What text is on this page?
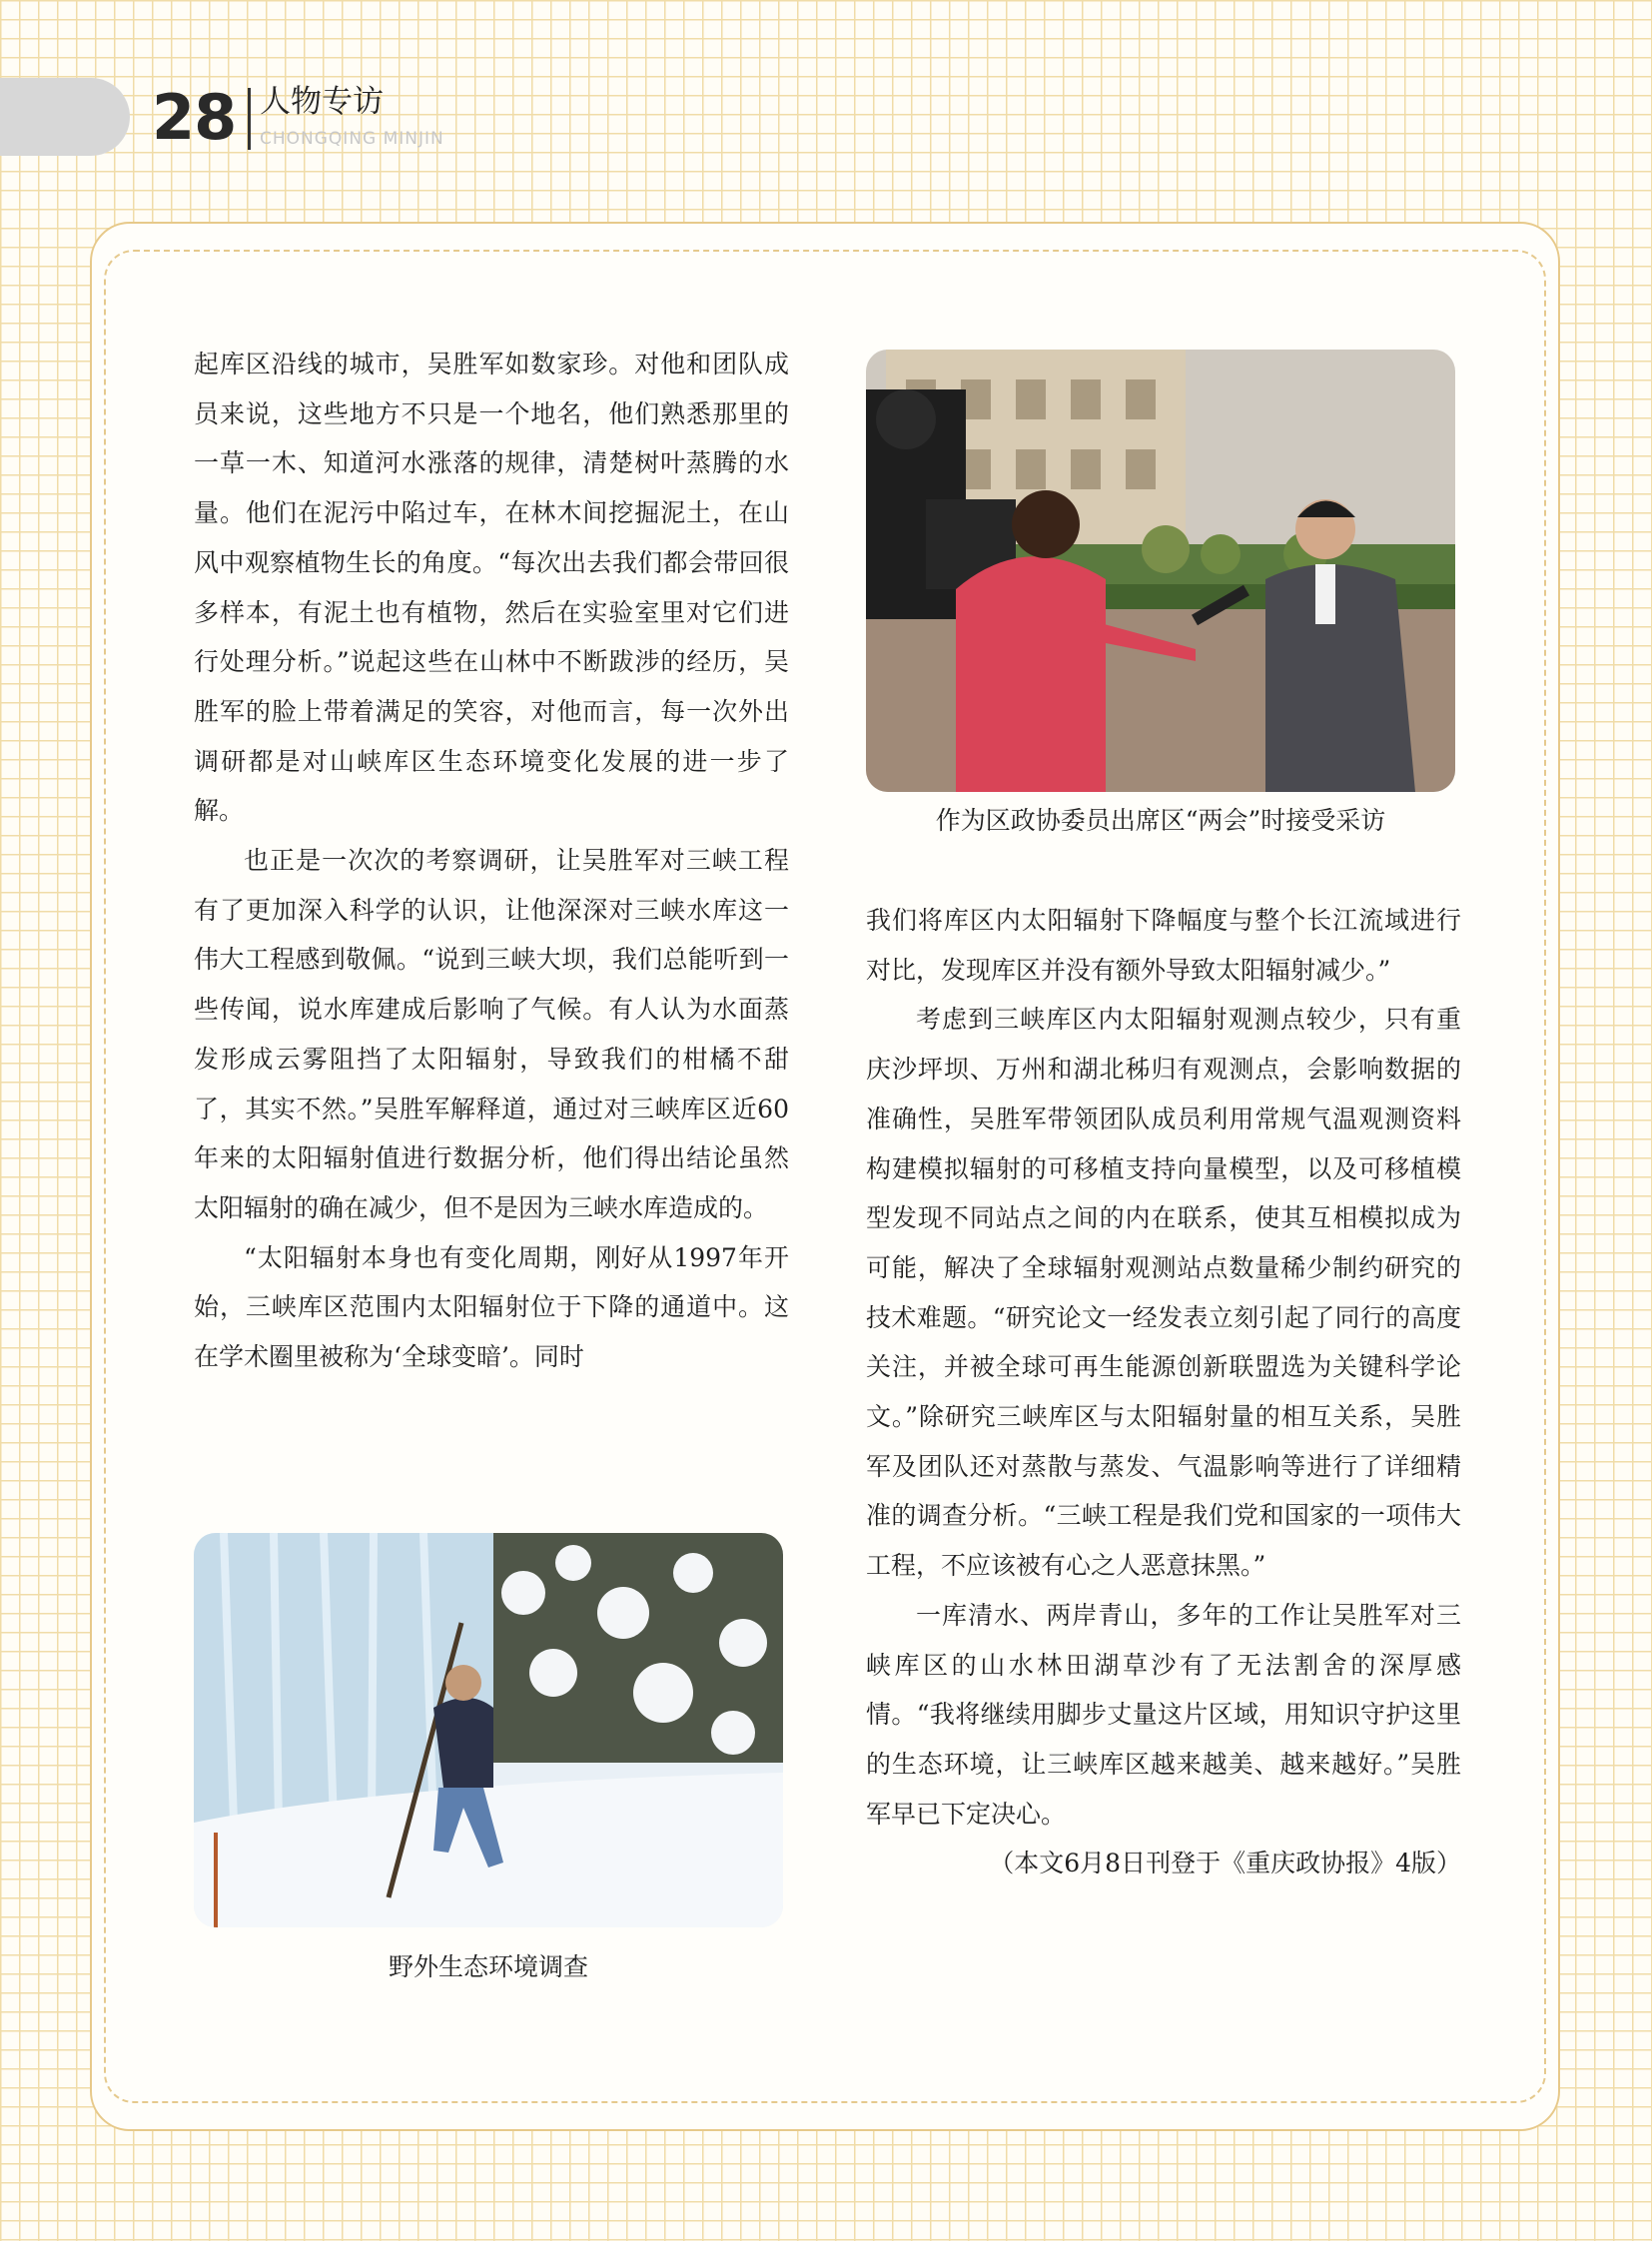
28 人物专访
CHONGQING MINJIN

起库区沿线的城市，吴胜军如数家珍。对他和团队成员来说，这些地方不只是一个地名，他们熟悉那里的一草一木、知道河水涨落的规律，清楚树叶蒸腾的水量。他们在泥污中陷过车，在林木间挖掘泥土，在山风中观察植物生长的角度。“每次出去我们都会带回很多样本，有泥土也有植物，然后在实验室里对它们进行处理分析。”说起这些在山林中不断跋涉的经历，吴胜军的脸上带着满足的笑容，对他而言，每一次外出调研都是对山峡库区生态环境变化发展的进一步了解。

也正是一次次的考察调研，让吴胜军对三峡工程有了更加深入科学的认识，让他深深对三峡水库这一伟大工程感到敬佩。“说到三峡大坝，我们总能听到一些传闻，说水库建成后影响了气候。有人认为水面蒸发形成云雾阻挡了太阳辐射，导致我们的柑橘不甜了，其实不然。”吴胜军解释道，通过对三峡库区近60年来的太阳辐射值进行数据分析，他们得出结论虽然太阳辐射的确在减少，但不是因为三峡水库造成的。

“太阳辐射本身也有变化周期，刚好从1997年开始，三峡库区范围内太阳辐射位于下降的通道中。这在学术圈里被称为‘全球变暗’。同时

作为区政协委员出席区“两会”时接受采访

我们将库区内太阳辐射下降幅度与整个长江流域进行对比，发现库区并没有额外导致太阳辐射减少。”

考虑到三峡库区内太阳辐射观测点较少，只有重庆沙坪坝、万州和湖北秭归有观测点，会影响数据的准确性，吴胜军带领团队成员利用常规气温观测资料构建模拟辐射的可移植支持向量模型，以及可移植模型发现不同站点之间的内在联系，使其互相模拟成为可能，解决了全球辐射观测站点数量稀少制约研究的技术难题。“研究论文一经发表立刻引起了同行的高度关注，并被全球可再生能源创新联盟选为关键科学论文。”除研究三峡库区与太阳辐射量的相互关系，吴胜军及团队还对蒸散与蒸发、气温影响等进行了详细精准的调查分析。“三峡工程是我们党和国家的一项伟大工程，不应该被有心之人恶意抹黑。”

一库清水、两岸青山，多年的工作让吴胜军对三峡库区的山水林田湖草沙有了无法割舍的深厚感情。“我将继续用脚步丈量这片区域，用知识守护这里的生态环境，让三峡库区越来越美、越来越好。”吴胜军早已下定决心。

（本文6月8日刊登于《重庆政协报》4版）

野外生态环境调查
